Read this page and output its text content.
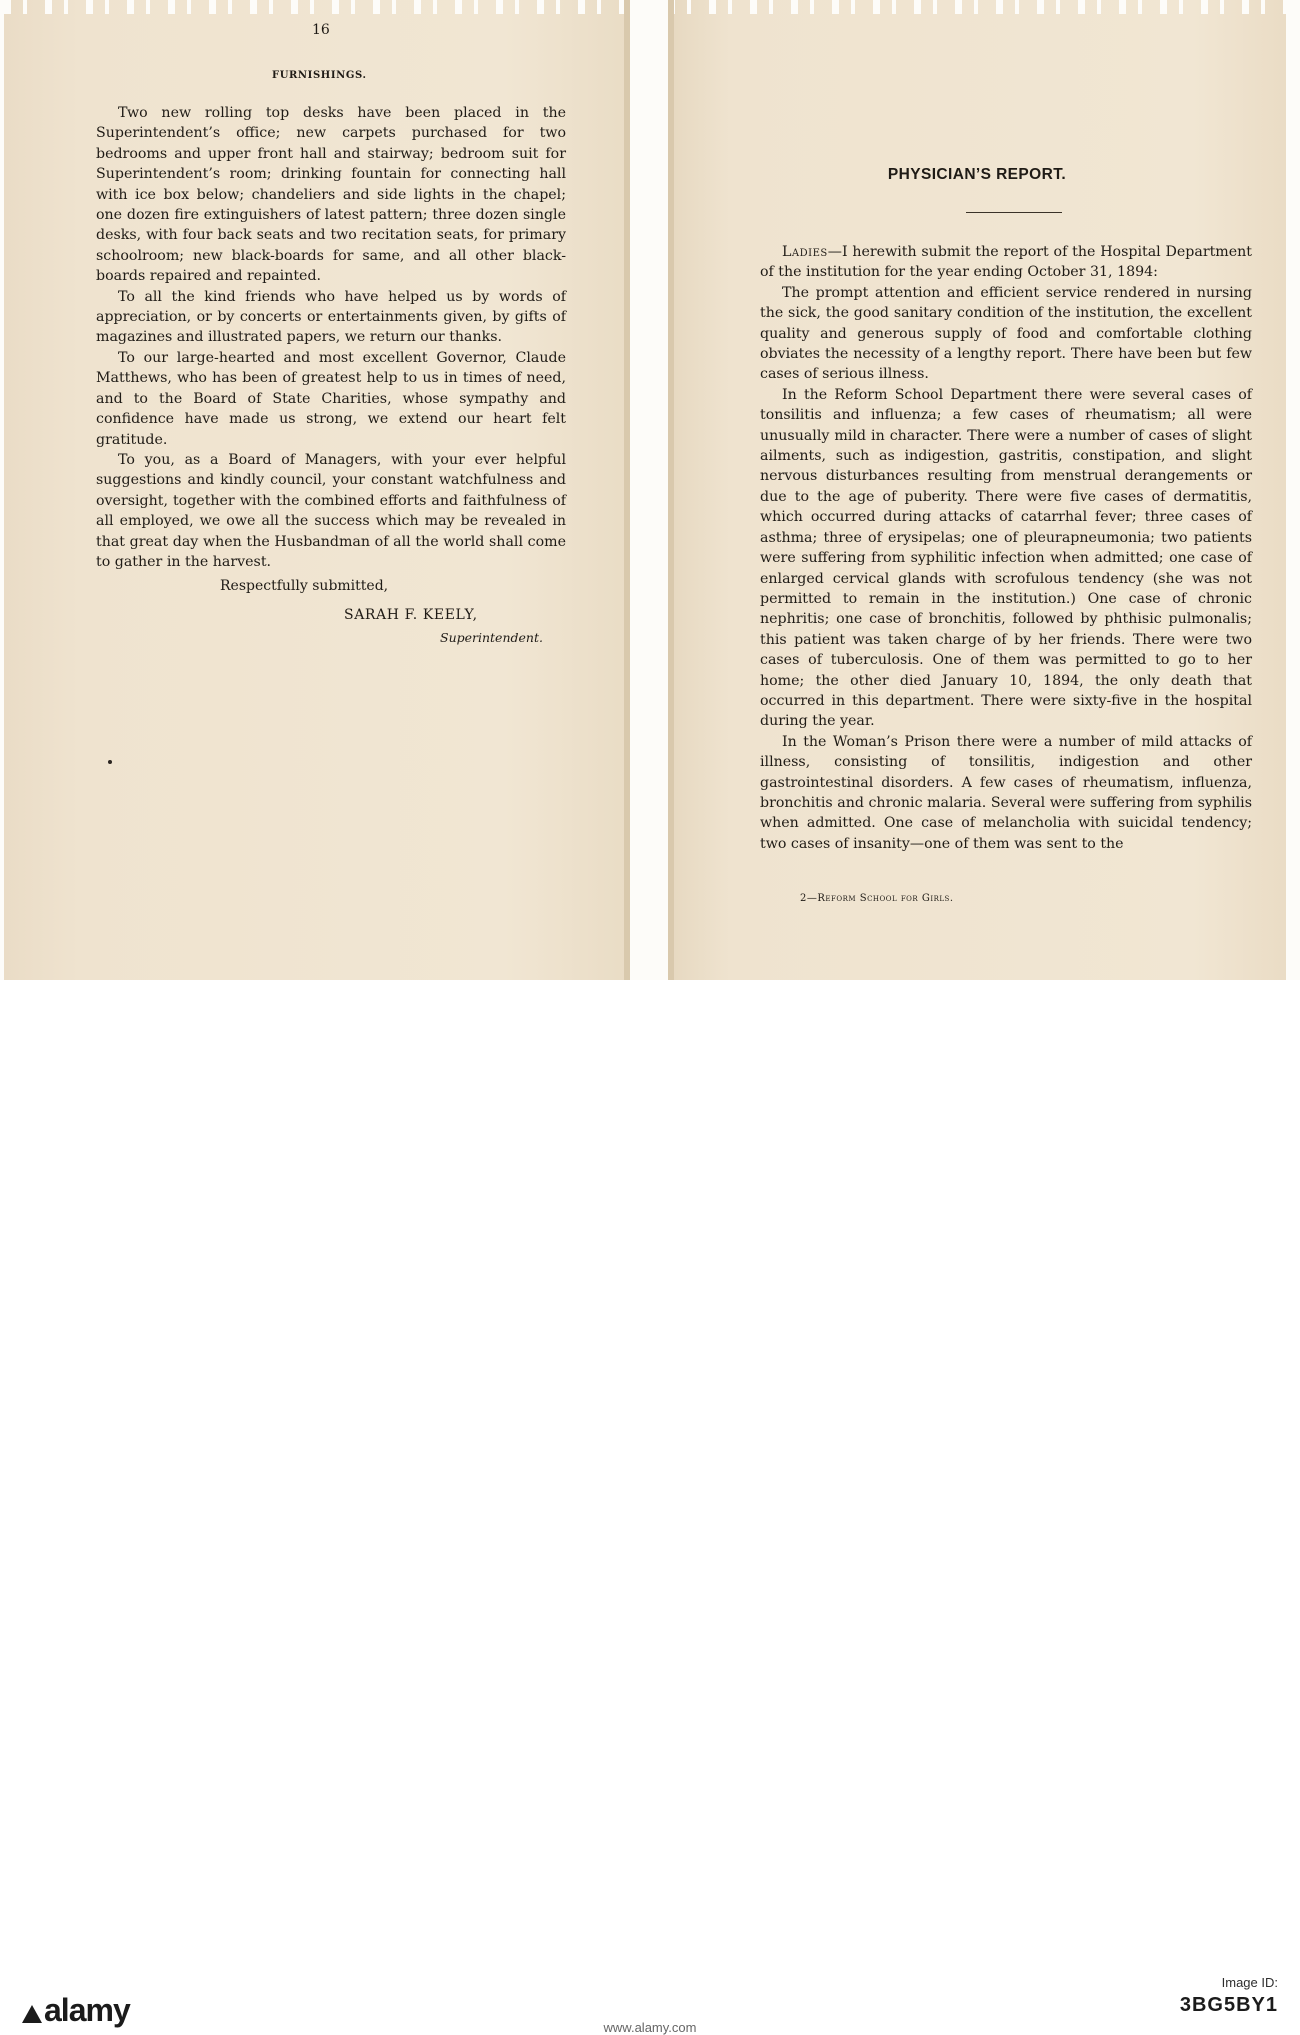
16
FURNISHINGS.

Two new rolling top desks have been placed in the Superintendent’s office; new carpets purchased for two bedrooms and upper front hall and stairway; bedroom suit for Superintendent’s room; drinking fountain for connecting hall with ice box below; chandeliers and side lights in the chapel; one dozen fire extinguishers of latest pattern; three dozen single desks, with four back seats and two recitation seats, for primary schoolroom; new black-boards for same, and all other black-boards repaired and repainted.

To all the kind friends who have helped us by words of appreciation, or by concerts or entertainments given, by gifts of magazines and illustrated papers, we return our thanks.

To our large-hearted and most excellent Governor, Claude Matthews, who has been of greatest help to us in times of need, and to the Board of State Charities, whose sympathy and confidence have made us strong, we extend our heart felt gratitude.

To you, as a Board of Managers, with your ever helpful suggestions and kindly council, your constant watchfulness and oversight, together with the combined efforts and faithfulness of all employed, we owe all the success which may be revealed in that great day when the Husbandman of all the world shall come to gather in the harvest.

Respectfully submitted,
SARAH F. KEELY,
Superintendent.
PHYSICIAN’S REPORT.

Ladies—I herewith submit the report of the Hospital Department of the institution for the year ending October 31, 1894:

The prompt attention and efficient service rendered in nursing the sick, the good sanitary condition of the institution, the excellent quality and generous supply of food and comfortable clothing obviates the necessity of a lengthy report. There have been but few cases of serious illness.

In the Reform School Department there were several cases of tonsilitis and influenza; a few cases of rheumatism; all were unusually mild in character. There were a number of cases of slight ailments, such as indigestion, gastritis, constipation, and slight nervous disturbances resulting from menstrual derangements or due to the age of puberity. There were five cases of dermatitis, which occurred during attacks of catarrhal fever; three cases of asthma; three of erysipelas; one of pleurapneumonia; two patients were suffering from syphilitic infection when admitted; one case of enlarged cervical glands with scrofulous tendency (she was not permitted to remain in the institution.) One case of chronic nephritis; one case of bronchitis, followed by phthisic pulmonalis; this patient was taken charge of by her friends. There were two cases of tuberculosis. One of them was permitted to go to her home; the other died January 10, 1894, the only death that occurred in this department. There were sixty-five in the hospital during the year.

In the Woman’s Prison there were a number of mild attacks of illness, consisting of tonsilitis, indigestion and other gastrointestinal disorders. A few cases of rheumatism, influenza, bronchitis and chronic malaria. Several were suffering from syphilis when admitted. One case of melancholia with suicidal tendency; two cases of insanity—one of them was sent to the

2—Reform School for Girls.
alamy
Image ID:
3BG5BY1
www.alamy.com
